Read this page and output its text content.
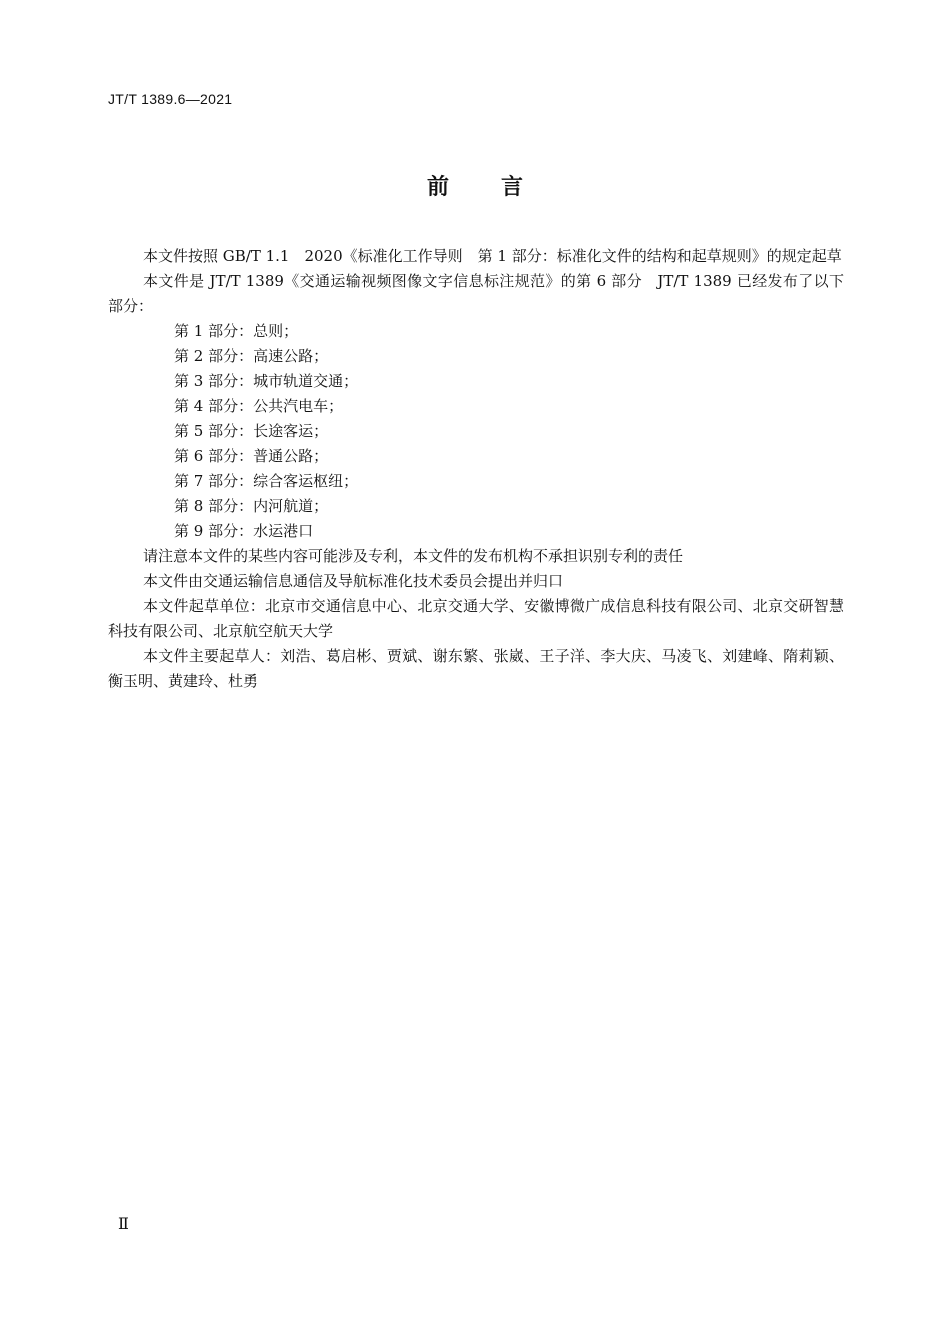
JT/T 1389.6—2021
前言

本文件按照 GB/T 1.1　2020《标准化工作导则　第 1 部分：标准化文件的结构和起草规则》的规定起草

本文件是 JT/T 1389《交通运输视频图像文字信息标注规范》的第 6 部分　JT/T 1389 已经发布了以下部分：

第 1 部分：总则；
第 2 部分：高速公路；
第 3 部分：城市轨道交通；
第 4 部分：公共汽电车；
第 5 部分：长途客运；
第 6 部分：普通公路；
第 7 部分：综合客运枢纽；
第 8 部分：内河航道；
第 9 部分：水运港口

请注意本文件的某些内容可能涉及专利，本文件的发布机构不承担识别专利的责任

本文件由交通运输信息通信及导航标准化技术委员会提出并归口

本文件起草单位：北京市交通信息中心、北京交通大学、安徽博微广成信息科技有限公司、北京交研智慧科技有限公司、北京航空航天大学

本文件主要起草人：刘浩、葛启彬、贾斌、谢东繁、张崴、王子洋、李大庆、马凌飞、刘建峰、隋莉颖、衡玉明、黄建玲、杜勇

Ⅱ
